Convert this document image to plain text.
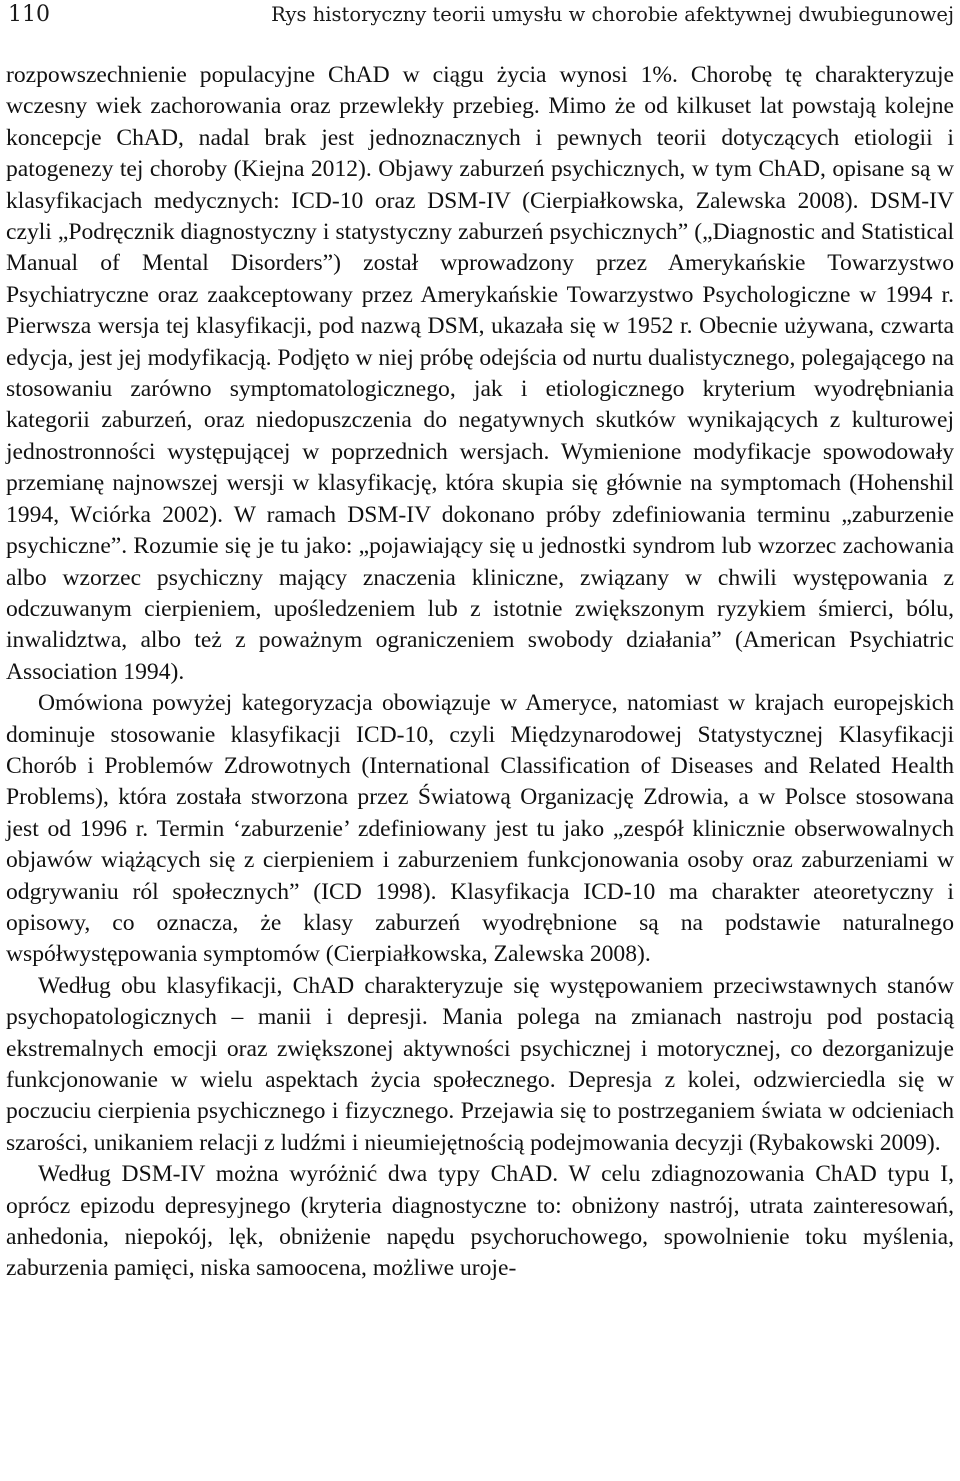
110	Rys historyczny teorii umysłu w chorobie afektywnej dwubiegunowej

rozpowszechnienie populacyjne ChAD w ciągu życia wynosi 1%. Chorobę tę charakteryzuje wczesny wiek zachorowania oraz przewlekły przebieg. Mimo że od kilkuset lat powstają kolejne koncepcje ChAD, nadal brak jest jednoznacznych i pewnych teorii dotyczących etiologii i patogenezy tej choroby (Kiejna 2012). Objawy zaburzeń psychicznych, w tym ChAD, opisane są w klasyfikacjach medycznych: ICD-10 oraz DSM-IV (Cierpiałkowska, Zalewska 2008). DSM-IV czyli „Podręcznik diagnostyczny i statystyczny zaburzeń psychicznych” („Diagnostic and Statistical Manual of Mental Disorders”) został wprowadzony przez Amerykańskie Towarzystwo Psychiatryczne oraz zaakceptowany przez Amerykańskie Towarzystwo Psychologiczne w 1994 r. Pierwsza wersja tej klasyfikacji, pod nazwą DSM, ukazała się w 1952 r. Obecnie używana, czwarta edycja, jest jej modyfikacją. Podjęto w niej próbę odejścia od nurtu dualistycznego, polegającego na stosowaniu zarówno symptomatologicznego, jak i etiologicznego kryterium wyodrębniania kategorii zaburzeń, oraz niedopuszczenia do negatywnych skutków wynikających z kulturowej jednostronności występującej w poprzednich wersjach. Wymienione modyfikacje spowodowały przemianę najnowszej wersji w klasyfikację, która skupia się głównie na symptomach (Hohenshil 1994, Wciórka 2002). W ramach DSM-IV dokonano próby zdefiniowania terminu „zaburzenie psychiczne”. Rozumie się je tu jako: „pojawiający się u jednostki syndrom lub wzorzec zachowania albo wzorzec psychiczny mający znaczenia kliniczne, związany w chwili występowania z odczuwanym cierpieniem, upośledzeniem lub z istotnie zwiększonym ryzykiem śmierci, bólu, inwalidztwa, albo też z poważnym ograniczeniem swobody działania” (American Psychiatric Association 1994).

Omówiona powyżej kategoryzacja obowiązuje w Ameryce, natomiast w krajach europejskich dominuje stosowanie klasyfikacji ICD-10, czyli Międzynarodowej Statystycznej Klasyfikacji Chorób i Problemów Zdrowotnych (International Classification of Diseases and Related Health Problems), która została stworzona przez Światową Organizację Zdrowia, a w Polsce stosowana jest od 1996 r. Termin ‘zaburzenie’ zdefiniowany jest tu jako „zespół klinicznie obserwowalnych objawów wiążących się z cierpieniem i zaburzeniem funkcjonowania osoby oraz zaburzeniami w odgrywaniu ról społecznych” (ICD 1998). Klasyfikacja ICD-10 ma charakter ateoretyczny i opisowy, co oznacza, że klasy zaburzeń wyodrębnione są na podstawie naturalnego współwystępowania symptomów (Cierpiałkowska, Zalewska 2008).

Według obu klasyfikacji, ChAD charakteryzuje się występowaniem przeciwstawnych stanów psychopatologicznych – manii i depresji. Mania polega na zmianach nastroju pod postacią ekstremalnych emocji oraz zwiększonej aktywności psychicznej i motorycznej, co dezorganizuje funkcjonowanie w wielu aspektach życia społecznego. Depresja z kolei, odzwierciedla się w poczuciu cierpienia psychicznego i fizycznego. Przejawia się to postrzeganiem świata w odcieniach szarości, unikaniem relacji z ludźmi i nieumiejętnością podejmowania decyzji (Rybakowski 2009).

Według DSM-IV można wyróżnić dwa typy ChAD. W celu zdiagnozowania ChAD typu I, oprócz epizodu depresyjnego (kryteria diagnostyczne to: obniżony nastrój, utrata zainteresowań, anhedonia, niepokój, lęk, obniżenie napędu psychoruchowego, spowolnienie toku myślenia, zaburzenia pamięci, niska samoocena, możliwe uroje-
